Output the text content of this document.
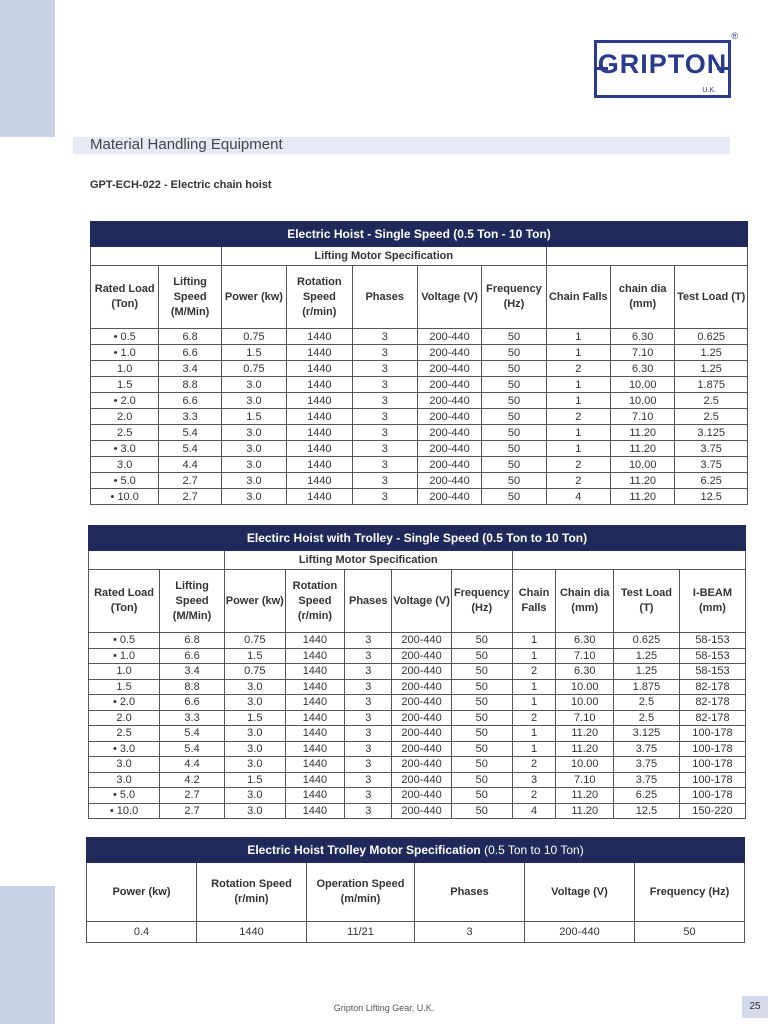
GRIPTON
U.K.
®
Material Handling Equipment
GPT-ECH-022 - Electric chain hoist
Electric Hoist - Single Speed (0.5 Ton - 10 Ton)									
		Lifting Motor Specification							
Rated Load (Ton)	Lifting Speed (M/Min)	Power (kw)	Rotation Speed (r/min)	Phases	Voltage (V)	Frequency (Hz)	Chain Falls	chain dia (mm)	Test Load (T)
• 0.5	6.8	0.75	1440	3	200-440	50	1	6.30	0.625
• 1.0	6.6	1.5	1440	3	200-440	50	1	7.10	1.25
1.0	3.4	0.75	1440	3	200-440	50	2	6.30	1.25
1.5	8.8	3.0	1440	3	200-440	50	1	10.00	1.875
• 2.0	6.6	3.0	1440	3	200-440	50	1	10.00	2.5
2.0	3.3	1.5	1440	3	200-440	50	2	7.10	2.5
2.5	5.4	3.0	1440	3	200-440	50	1	11.20	3.125
• 3.0	5.4	3.0	1440	3	200-440	50	1	11.20	3.75
3.0	4.4	3.0	1440	3	200-440	50	2	10.00	3.75
• 5.0	2.7	3.0	1440	3	200-440	50	2	11.20	6.25
• 10.0	2.7	3.0	1440	3	200-440	50	4	11.20	12.5
Electirc Hoist with Trolley - Single Speed (0.5 Ton to 10 Ton)										
		Lifting Motor Specification								
Rated Load (Ton)	Lifting Speed (M/Min)	Power (kw)	Rotation Speed (r/min)	Phases	Voltage (V)	Frequency (Hz)	Chain Falls	Chain dia (mm)	Test Load (T)	I-BEAM (mm)
• 0.5	6.8	0.75	1440	3	200-440	50	1	6.30	0.625	58-153
• 1.0	6.6	1.5	1440	3	200-440	50	1	7.10	1.25	58-153
1.0	3.4	0.75	1440	3	200-440	50	2	6.30	1.25	58-153
1.5	8.8	3.0	1440	3	200-440	50	1	10.00	1.875	82-178
• 2.0	6.6	3.0	1440	3	200-440	50	1	10.00	2.5	82-178
2.0	3.3	1.5	1440	3	200-440	50	2	7.10	2.5	82-178
2.5	5.4	3.0	1440	3	200-440	50	1	11.20	3.125	100-178
• 3.0	5.4	3.0	1440	3	200-440	50	1	11.20	3.75	100-178
3.0	4.4	3.0	1440	3	200-440	50	2	10.00	3.75	100-178
3.0	4.2	1.5	1440	3	200-440	50	3	7.10	3.75	100-178
• 5.0	2.7	3.0	1440	3	200-440	50	2	11.20	6.25	100-178
• 10.0	2.7	3.0	1440	3	200-440	50	4	11.20	12.5	150-220
Electric Hoist Trolley Motor Specification (0.5 Ton to 10 Ton)					
Power (kw)	Rotation Speed (r/min)	Operation Speed (m/min)	Phases	Voltage (V)	Frequency (Hz)
0.4	1440	11/21	3	200-440	50
Gripton Lifting Gear, U.K.	25
